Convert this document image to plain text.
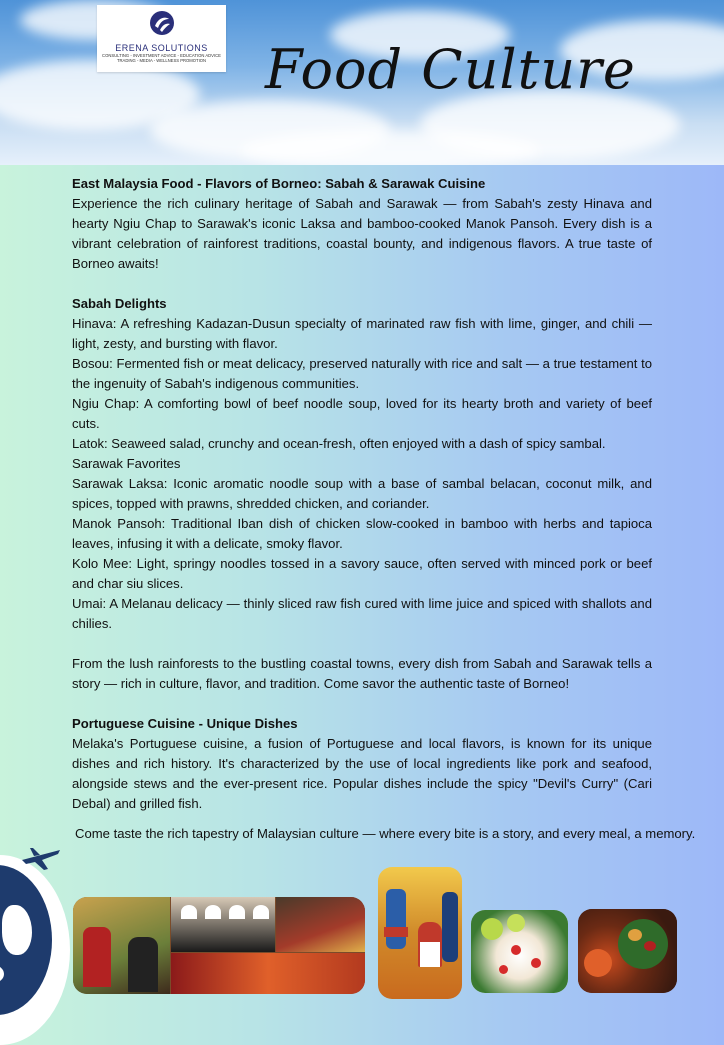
ERENA SOLUTIONS
CONSULTING - INVESTMENT ADVICE - EDUCATION ADVICE
TRADING - MEDIA - WELLNESS PROMOTION	Food Culture

East Malaysia Food - Flavors of Borneo: Sabah & Sarawak Cuisine

Experience the rich culinary heritage of Sabah and Sarawak — from Sabah's zesty Hinava and hearty Ngiu Chap to Sarawak's iconic Laksa and bamboo-cooked Manok Pansoh. Every dish is a vibrant celebration of rainforest traditions, coastal bounty, and indigenous flavors. A true taste of Borneo awaits!

Sabah Delights

Hinava: A refreshing Kadazan-Dusun specialty of marinated raw fish with lime, ginger, and chili — light, zesty, and bursting with flavor.

Bosou: Fermented fish or meat delicacy, preserved naturally with rice and salt — a true testament to the ingenuity of Sabah's indigenous communities.

Ngiu Chap: A comforting bowl of beef noodle soup, loved for its hearty broth and variety of beef cuts.

Latok: Seaweed salad, crunchy and ocean-fresh, often enjoyed with a dash of spicy sambal.

Sarawak Favorites

Sarawak Laksa: Iconic aromatic noodle soup with a base of sambal belacan, coconut milk, and spices, topped with prawns, shredded chicken, and coriander.

Manok Pansoh: Traditional Iban dish of chicken slow-cooked in bamboo with herbs and tapioca leaves, infusing it with a delicate, smoky flavor.

Kolo Mee: Light, springy noodles tossed in a savory sauce, often served with minced pork or beef and char siu slices.

Umai: A Melanau delicacy — thinly sliced raw fish cured with lime juice and spiced with shallots and chilies.

From the lush rainforests to the bustling coastal towns, every dish from Sabah and Sarawak tells a story — rich in culture, flavor, and tradition. Come savor the authentic taste of Borneo!

Portuguese Cuisine - Unique Dishes

Melaka's Portuguese cuisine, a fusion of Portuguese and local flavors, is known for its unique dishes and rich history. It's characterized by the use of local ingredients like pork and seafood, alongside stews and the ever-present rice. Popular dishes include the spicy "Devil's Curry" (Cari Debal) and grilled fish.

Come taste the rich tapestry of Malaysian culture — where every bite is a story, and every meal, a memory.
